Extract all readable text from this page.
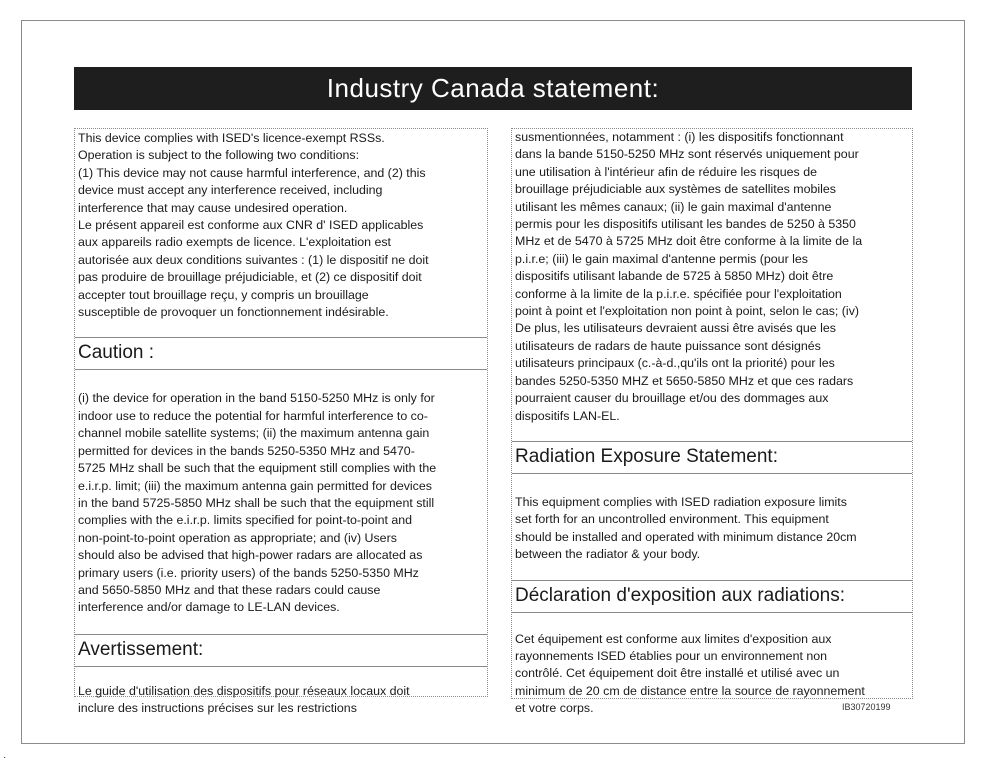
Industry Canada statement:

This device complies with ISED's licence-exempt RSSs.
Operation is subject to the following two conditions:
(1) This device may not cause harmful interference, and (2) this
device must accept any interference received, including
interference that may cause undesired operation.

Le présent appareil est conforme aux CNR d' ISED applicables
aux appareils radio exempts de licence. L'exploitation est
autorisée aux deux conditions suivantes : (1) le dispositif ne doit
pas produire de brouillage préjudiciable, et (2) ce dispositif doit
accepter tout brouillage reçu, y compris un brouillage
susceptible de provoquer un fonctionnement indésirable.

Caution :

(i) the device for operation in the band 5150-5250 MHz is only for
indoor use to reduce the potential for harmful interference to co-
channel mobile satellite systems; (ii) the maximum antenna gain
permitted for devices in the bands 5250-5350 MHz and 5470-
5725 MHz shall be such that the equipment still complies with the
e.i.r.p. limit; (iii) the maximum antenna gain permitted for devices
in the band 5725-5850 MHz shall be such that the equipment still
complies with the e.i.r.p. limits specified for point-to-point and
non-point-to-point operation as appropriate; and (iv) Users
should also be advised that high-power radars are allocated as
primary users (i.e. priority users) of the bands 5250-5350 MHz
and 5650-5850 MHz and that these radars could cause
interference and/or damage to LE-LAN devices.

Avertissement:

Le guide d'utilisation des dispositifs pour réseaux locaux doit
inclure des instructions précises sur les restrictions

susmentionnées, notamment : (i) les dispositifs fonctionnant
dans la bande 5150-5250 MHz sont réservés uniquement pour
une utilisation à l'intérieur afin de réduire les risques de
brouillage préjudiciable aux systèmes de satellites mobiles
utilisant les mêmes canaux; (ii) le gain maximal d'antenne
permis pour les dispositifs utilisant les bandes de 5250 à 5350
MHz et de 5470 à 5725 MHz doit être conforme à la limite de la
p.i.r.e; (iii) le gain maximal d'antenne permis (pour les
dispositifs utilisant labande de 5725 à 5850 MHz) doit être
conforme à la limite de la p.i.r.e. spécifiée pour l'exploitation
point à point et l'exploitation non point à point, selon le cas; (iv)
De plus, les utilisateurs devraient aussi être avisés que les
utilisateurs de radars de haute puissance sont désignés
utilisateurs principaux (c.-à-d.,qu'ils ont la priorité) pour les
bandes 5250-5350 MHZ et 5650-5850 MHz et que ces radars
pourraient causer du brouillage et/ou des dommages aux
dispositifs LAN-EL.

Radiation Exposure Statement:

This equipment complies with ISED radiation exposure limits
set forth for an uncontrolled environment. This equipment
should be installed and operated with minimum distance 20cm
between the radiator & your body.

Déclaration d'exposition aux radiations:

Cet équipement est conforme aux limites d'exposition aux
rayonnements ISED établies pour un environnement non
contrôlé. Cet équipement doit être installé et utilisé avec un
minimum de 20 cm de distance entre la source de rayonnement
et votre corps.	IB30720199
·
